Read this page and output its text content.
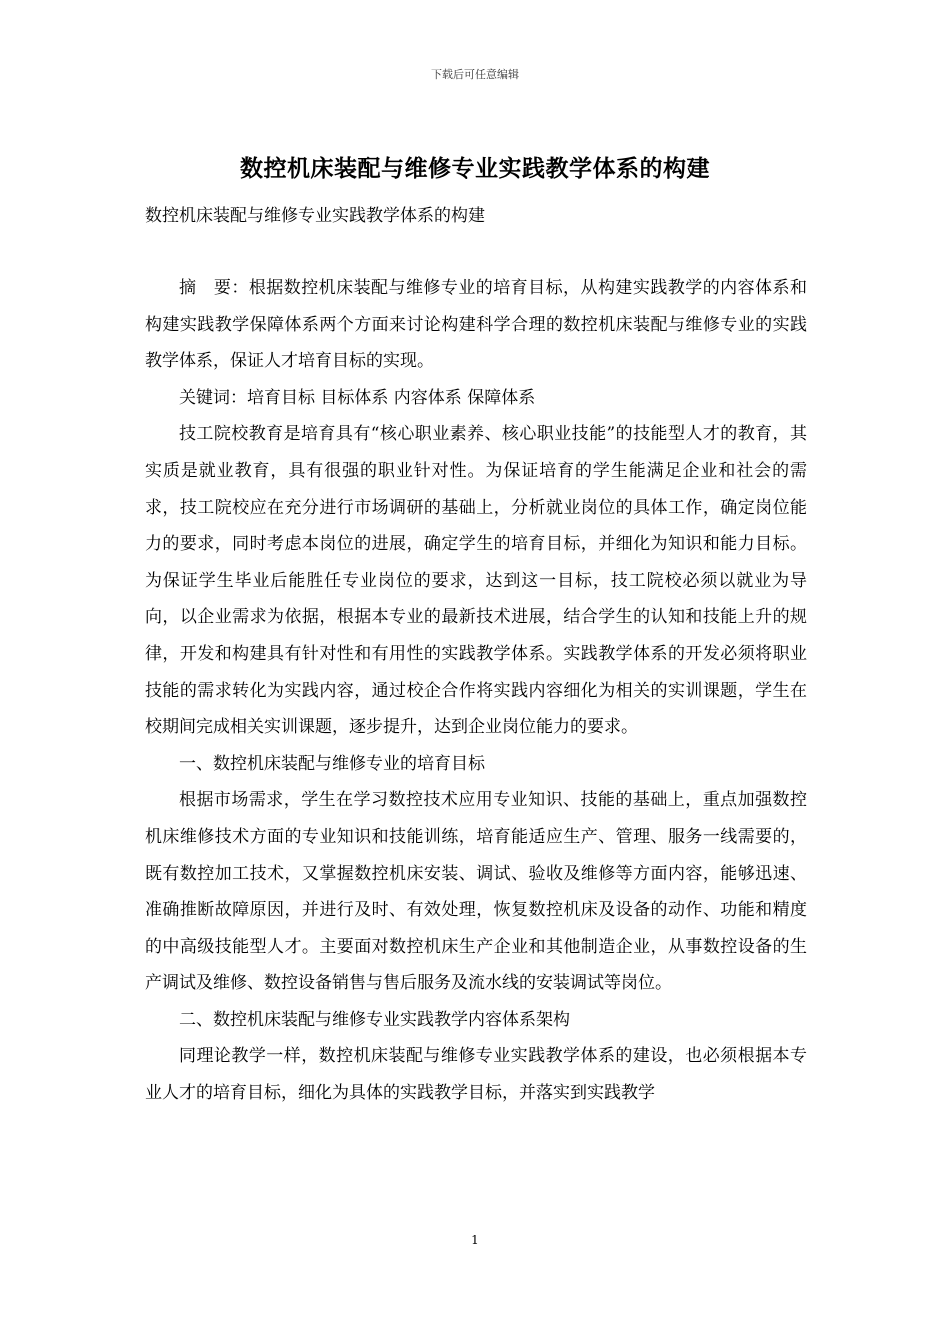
下载后可任意编辑
数控机床装配与维修专业实践教学体系的构建

数控机床装配与维修专业实践教学体系的构建

摘　要：根据数控机床装配与维修专业的培育目标，从构建实践教学的内容体系和构建实践教学保障体系两个方面来讨论构建科学合理的数控机床装配与维修专业的实践教学体系，保证人才培育目标的实现。

关键词：培育目标 目标体系 内容体系 保障体系

技工院校教育是培育具有“核心职业素养、核心职业技能”的技能型人才的教育，其实质是就业教育，具有很强的职业针对性。为保证培育的学生能满足企业和社会的需求，技工院校应在充分进行市场调研的基础上，分析就业岗位的具体工作，确定岗位能力的要求，同时考虑本岗位的进展，确定学生的培育目标，并细化为知识和能力目标。为保证学生毕业后能胜任专业岗位的要求，达到这一目标，技工院校必须以就业为导向，以企业需求为依据，根据本专业的最新技术进展，结合学生的认知和技能上升的规律，开发和构建具有针对性和有用性的实践教学体系。实践教学体系的开发必须将职业技能的需求转化为实践内容，通过校企合作将实践内容细化为相关的实训课题，学生在校期间完成相关实训课题，逐步提升，达到企业岗位能力的要求。

一、数控机床装配与维修专业的培育目标

根据市场需求，学生在学习数控技术应用专业知识、技能的基础上，重点加强数控机床维修技术方面的专业知识和技能训练，培育能适应生产、管理、服务一线需要的，既有数控加工技术，又掌握数控机床安装、调试、验收及维修等方面内容，能够迅速、准确推断故障原因，并进行及时、有效处理，恢复数控机床及设备的动作、功能和精度的中高级技能型人才。主要面对数控机床生产企业和其他制造企业，从事数控设备的生产调试及维修、数控设备销售与售后服务及流水线的安装调试等岗位。

二、数控机床装配与维修专业实践教学内容体系架构

同理论教学一样，数控机床装配与维修专业实践教学体系的建设，也必须根据本专业人才的培育目标，细化为具体的实践教学目标，并落实到实践教学

1
